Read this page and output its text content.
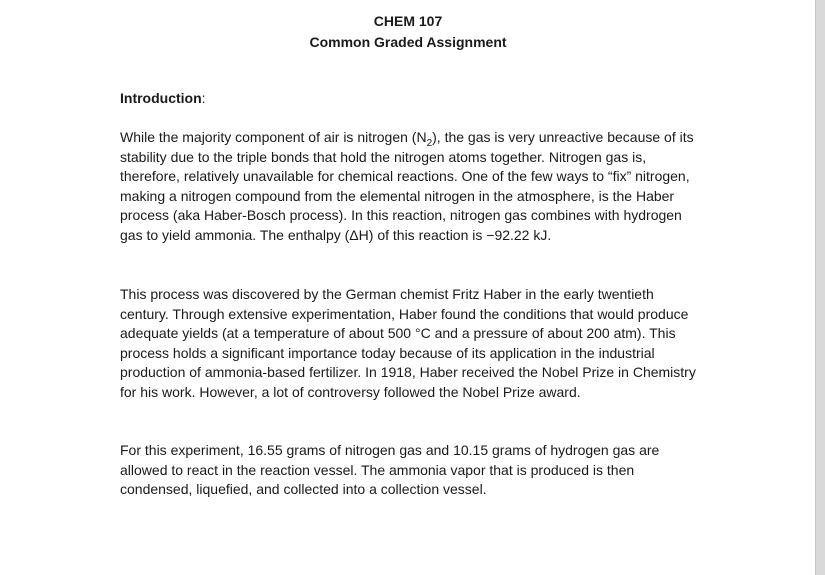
CHEM 107
Common Graded Assignment
Introduction:

While the majority component of air is nitrogen $(N_2)$, the gas is very unreactive because of its stability due to the triple bonds that hold the nitrogen atoms together. Nitrogen gas is, therefore, relatively unavailable for chemical reactions. One of the few ways to “fix” nitrogen, making a nitrogen compound from the elemental nitrogen in the atmosphere, is the Haber process (aka Haber-Bosch process). In this reaction, nitrogen gas combines with hydrogen gas to yield ammonia. The enthalpy (ΔH) of this reaction is −92.22 kJ.

This process was discovered by the German chemist Fritz Haber in the early twentieth century. Through extensive experimentation, Haber found the conditions that would produce adequate yields (at a temperature of about 500 °C and a pressure of about 200 atm). This process holds a significant importance today because of its application in the industrial production of ammonia-based fertilizer. In 1918, Haber received the Nobel Prize in Chemistry for his work. However, a lot of controversy followed the Nobel Prize award.

For this experiment, 16.55 grams of nitrogen gas and 10.15 grams of hydrogen gas are allowed to react in the reaction vessel. The ammonia vapor that is produced is then condensed, liquefied, and collected into a collection vessel.
